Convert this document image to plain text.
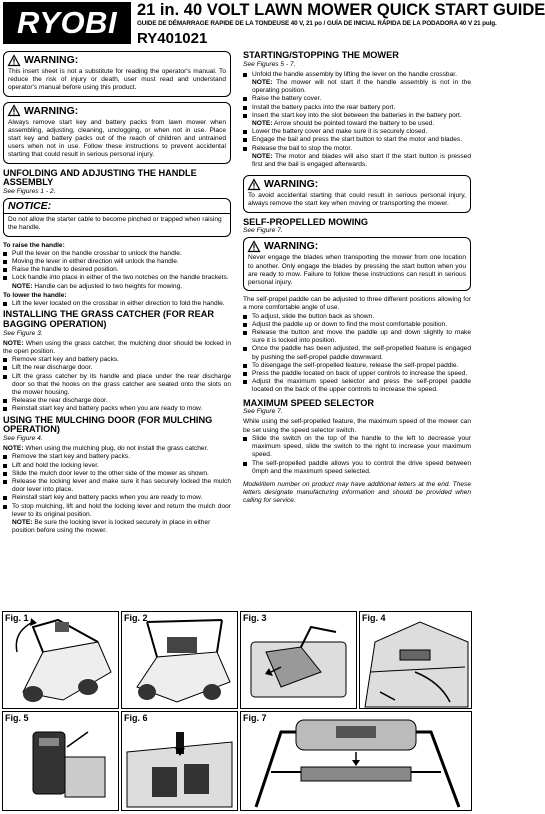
RYOBI	21 in. 40 VOLT LAWN MOWER QUICK START GUIDE
GUIDE DE DÉMARRAGE RAPIDE DE LA TONDEUSE 40 V, 21 po / GUÍA DE INICIAL RÁPIDA DE LA PODADORA 40 V 21 pulg.
RY401021
WARNING:

This insert sheet is not a substitute for reading the operator's manual. To reduce the risk of injury or death, user must read and understand operator's manual before using this product.

WARNING:

Always remove start key and battery packs from lawn mower when assembling, adjusting, cleaning, unclogging, or when not in use. Place start key and battery packs out of the reach of children and untrained users when not in use. Follow these instructions to prevent accidental starting that could result in serious personal injury.

UNFOLDING AND ADJUSTING THE HANDLE ASSEMBLY
See Figures 1 - 2.
NOTICE:

Do not allow the starter cable to become pinched or trapped when raising the handle.

To raise the handle:
Pull the lever on the handle crossbar to unlock the handle.
Moving the lever in either direction will unlock the handle.
Raise the handle to desired position.
Lock handle into place in either of the two notches on the handle brackets.
NOTE: Handle can be adjusted to two heights for mowing.
To lower the handle:
Lift the lever located on the crossbar in either direction to fold the handle.
INSTALLING THE GRASS CATCHER (FOR REAR BAGGING OPERATION)
See Figure 3.

NOTE: When using the grass catcher, the mulching door should be locked in the open position.

Remove start key and battery packs.
Lift the rear discharge door.
Lift the grass catcher by its handle and place under the rear discharge door so that the hooks on the grass catcher are seated onto the slots on the mower housing.
Release the rear discharge door.
Reinstall start key and battery packs when you are ready to mow.
USING THE MULCHING DOOR (FOR MULCHING OPERATION)
See Figure 4.

NOTE: When using the mulching plug, do not install the grass catcher.

Remove the start key and battery packs.
Lift and hold the locking lever.
Slide the mulch door lever to the other side of the mower as shown.
Release the locking lever and make sure it has securely locked the mulch door lever into place.
Reinstall start key and battery packs when you are ready to mow.
To stop mulching, lift and hold the locking lever and return the mulch door lever to its original position.
NOTE: Be sure the locking lever is locked securely in place in either position before using the mower.
STARTING/STOPPING THE MOWER
See Figures 5 - 7.
Unfold the handle assembly by lifting the lever on the handle crossbar.
NOTE: The mower will not start if the handle assembly is not in the operating position.
Raise the battery cover.
Install the battery packs into the rear battery port.
Insert the start key into the slot between the batteries in the battery port.
NOTE: Arrow should be pointed toward the battery to be used.
Lower the battery cover and make sure it is securely closed.
Engage the bail and press the start button to start the motor and blades.
Release the bail to stop the motor.
NOTE: The motor and blades will also start if the start button is pressed first and the bail is engaged afterwards.
WARNING:

To avoid accidental starting that could result in serious personal injury, always remove the start key when moving or transporting the mower.

SELF-PROPELLED MOWING
See Figure 7.
WARNING:

Never engage the blades when transporting the mower from one location to another. Only engage the blades by pressing the start button when you are ready to mow. Failure to follow these instructions can result in serious personal injury.

The self-propel paddle can be adjusted to three different positions allowing for a more comfortable angle of use.

To adjust, slide the button back as shown.
Adjust the paddle up or down to find the most comfortable position.
Release the button and move the paddle up and down slightly to make sure it is locked into position.
Once the paddle has been adjusted, the self-propelled feature is engaged by pushing the self-propel paddle downward.
To disengage the self-propelled feature, release the self-propel paddle.
Press the paddle located on back of upper controls to increase the speed.
Adjust the maximum speed selector and press the self-propel paddle located on the back of the upper controls to increase the speed.
MAXIMUM SPEED SELECTOR
See Figure 7.

While using the self-propelled feature, the maximum speed of the mower can be set using the speed selector switch.

Slide the switch on the top of the handle to the left to decrease your maximum speed, slide the switch to the right to increase your maximum speed.
The self-propelled paddle allows you to control the drive speed between 0mph and the maximum speed selected.

Model/item number on product may have additional letters at the end. These letters designate manufacturing information and should be provided when calling for service.

Fig. 1	Fig. 2	Fig. 3	Fig. 4
Fig. 5	Fig. 6	Fig. 7
